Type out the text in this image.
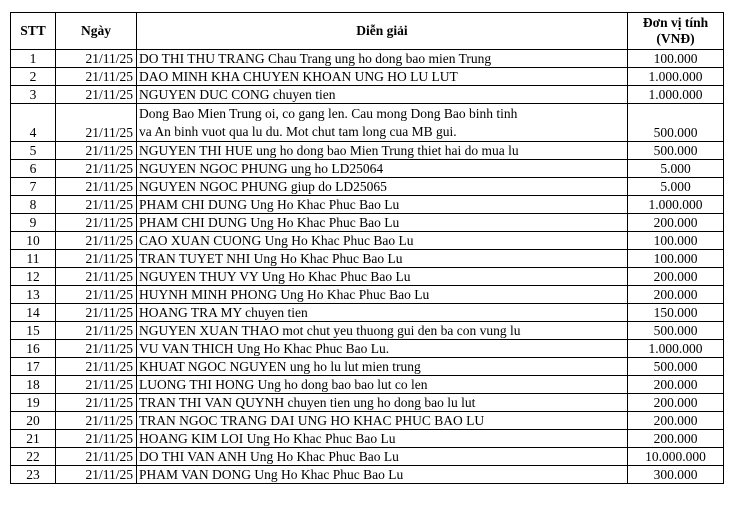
STT	Ngày	Diễn giải	Đơn vị tính
(VNĐ)

1	21/11/25	DO THI THU TRANG Chau Trang ung ho dong bao mien Trung	100.000
2	21/11/25	DAO MINH KHA CHUYEN KHOAN UNG HO LU LUT	1.000.000
3	21/11/25	NGUYEN DUC CONG chuyen tien	1.000.000
4	21/11/25	Dong Bao Mien Trung oi, co gang len. Cau mong Dong Bao binh tinh
va An binh vuot qua lu du. Mot chut tam long cua MB gui.	500.000
5	21/11/25	NGUYEN THI HUE ung ho dong bao Mien Trung thiet hai do mua lu	500.000
6	21/11/25	NGUYEN NGOC PHUNG ung ho LD25064	5.000
7	21/11/25	NGUYEN NGOC PHUNG giup do LD25065	5.000
8	21/11/25	PHAM CHI DUNG Ung Ho Khac Phuc Bao Lu	1.000.000
9	21/11/25	PHAM CHI DUNG Ung Ho Khac Phuc Bao Lu	200.000
10	21/11/25	CAO XUAN CUONG Ung Ho Khac Phuc Bao Lu	100.000
11	21/11/25	TRAN TUYET NHI Ung Ho Khac Phuc Bao Lu	100.000
12	21/11/25	NGUYEN THUY VY Ung Ho Khac Phuc Bao Lu	200.000
13	21/11/25	HUYNH MINH PHONG Ung Ho Khac Phuc Bao Lu	200.000
14	21/11/25	HOANG TRA MY chuyen tien	150.000
15	21/11/25	NGUYEN XUAN THAO mot chut yeu thuong gui den ba con vung lu	500.000
16	21/11/25	VU VAN THICH Ung Ho Khac Phuc Bao Lu.	1.000.000
17	21/11/25	KHUAT NGOC NGUYEN ung ho lu lut mien trung	500.000
18	21/11/25	LUONG THI HONG Ung ho dong bao bao lut co len	200.000
19	21/11/25	TRAN THI VAN QUYNH chuyen tien ung ho dong bao lu lut	200.000
20	21/11/25	TRAN NGOC TRANG DAI UNG HO KHAC PHUC BAO LU	200.000
21	21/11/25	HOANG KIM LOI Ung Ho Khac Phuc Bao Lu	200.000
22	21/11/25	DO THI VAN ANH Ung Ho Khac Phuc Bao Lu	10.000.000
23	21/11/25	PHAM VAN DONG Ung Ho Khac Phuc Bao Lu	300.000
